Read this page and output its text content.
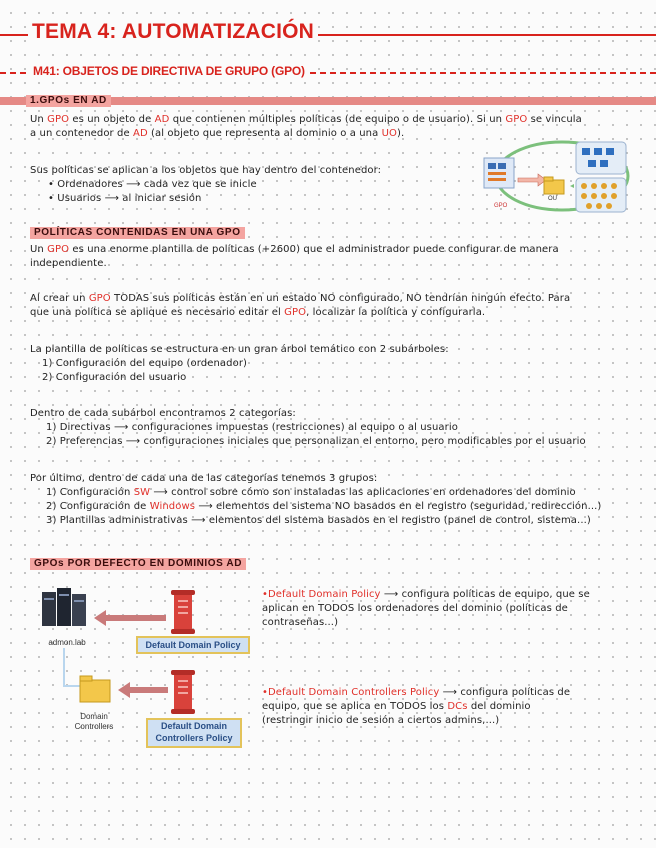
TEMA 4: AUTOMATIZACIÓN
M41: OBJETOS DE DIRECTIVA DE GRUPO (GPO)
1.GPOs EN AD
Un GPO es un objeto de AD que contienen múltiples políticas (de equipo o de usuario). Si un GPO se vincula
a un contenedor de AD (al objeto que representa al dominio o a una UO).
Sus políticas se aplican a los objetos que hay dentro del contenedor:
• Ordenadores ⟶ cada vez que se inicie
• Usuarios ⟶ al iniciar sesión
GPO
OU
POLÍTICAS CONTENIDAS EN UNA GPO
Un GPO es una enorme plantilla de políticas (+2600) que el administrador puede configurar de manera
independiente.
Al crear un GPO TODAS sus políticas están en un estado NO configurado, NO tendrían ningún efecto. Para
que una política se aplique es necesario editar el GPO, localizar la política y configurarla.
La plantilla de políticas se estructura en un gran árbol temático con 2 subárboles:
1) Configuración del equipo (ordenador)
2) Configuración del usuario
Dentro de cada subárbol encontramos 2 categorías:
1) Directivas ⟶ configuraciones impuestas (restricciones) al equipo o al usuario
2) Preferencias ⟶ configuraciones iniciales que personalizan el entorno, pero modificables por el usuario
Por último, dentro de cada una de las categorías tenemos 3 grupos:
1) Configuración SW ⟶ control sobre cómo son instaladas las aplicaciones en ordenadores del dominio
2) Configuración de Windows ⟶ elementos del sistema NO basados en el registro (seguridad, redirección...)
3) Plantillas administrativas ⟶ elementos del sistema basados en el registro (panel de control, sistema...)
GPOs POR DEFECTO EN DOMINIOS AD
admon.lab
Domain
Controllers
Default Domain Policy
Default Domain
Controllers Policy
•Default Domain Policy ⟶ configura políticas de equipo, que se
aplican en TODOS los ordenadores del dominio (políticas de
contraseñas...)
•Default Domain Controllers Policy ⟶ configura políticas de
equipo, que se aplica en TODOS los DCs del dominio
(restringir inicio de sesión a ciertos admins,...)
